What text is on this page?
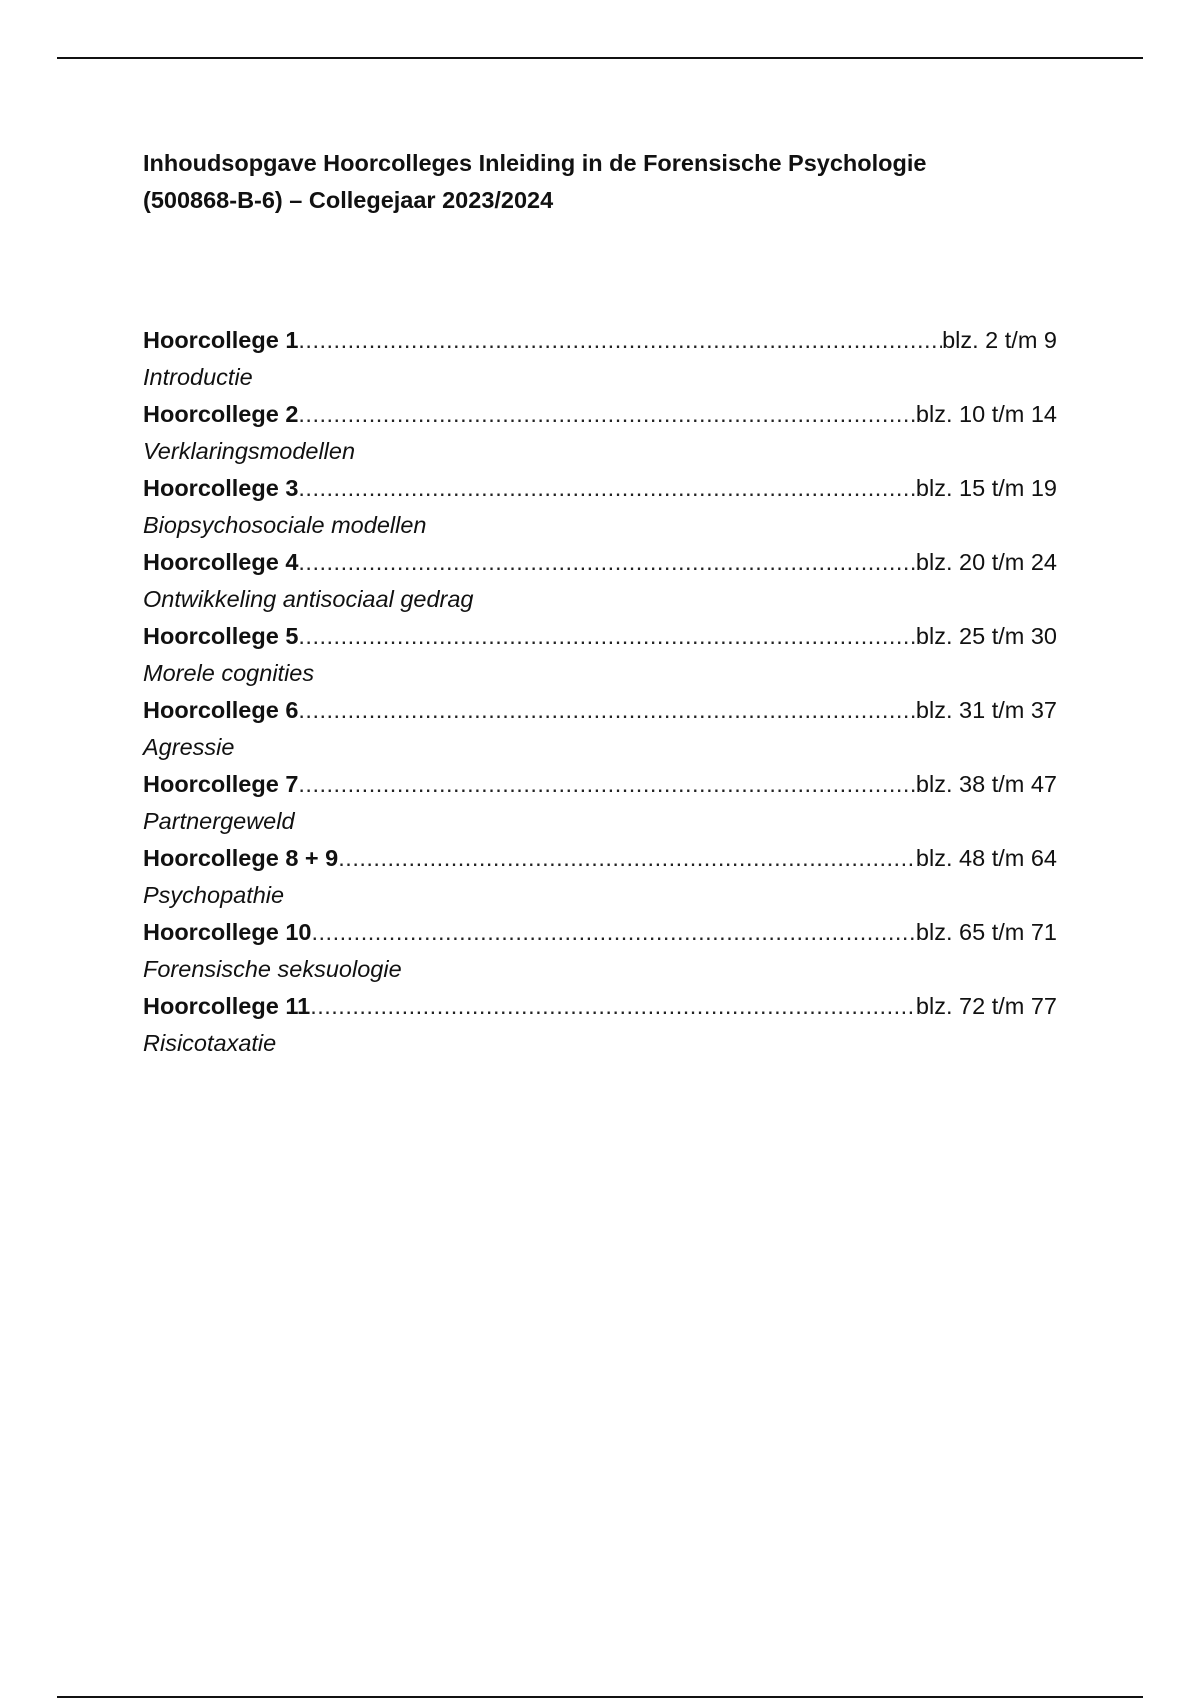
Inhoudsopgave Hoorcolleges Inleiding in de Forensische Psychologie
(500868-B-6) – Collegejaar 2023/2024
Hoorcollege 1 .....	blz. 2 t/m 9
Introductie
Hoorcollege 2 .....	blz. 10 t/m 14
Verklaringsmodellen
Hoorcollege 3 .....	blz. 15 t/m 19
Biopsychosociale modellen
Hoorcollege 4 .....	blz. 20 t/m 24
Ontwikkeling antisociaal gedrag
Hoorcollege 5 .....	blz. 25 t/m 30
Morele cognities
Hoorcollege 6 .....	blz. 31 t/m 37
Agressie
Hoorcollege 7 .....	blz. 38 t/m 47
Partnergeweld
Hoorcollege 8 + 9 .....	blz. 48 t/m 64
Psychopathie
Hoorcollege 10 .....	blz. 65 t/m 71
Forensische seksuologie
Hoorcollege 11 .....	blz. 72 t/m 77
Risicotaxatie
